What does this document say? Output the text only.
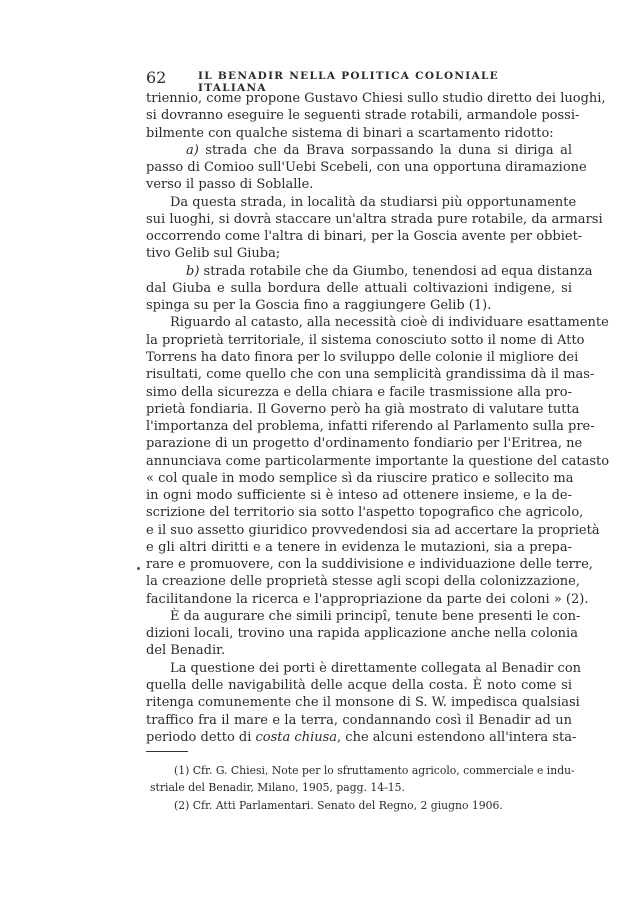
62	IL BENADIR NELLA POLITICA COLONIALE ITALIANA
triennio, come propone Gustavo Chiesi sullo studio diretto dei luoghi,
si dovranno eseguire le seguenti strade rotabili, armandole possi-
bilmente con qualche sistema di binari a scartamento ridotto:
a) strada che da Brava sorpassando la duna si diriga al
passo di Comioo sull'Uebi Scebeli, con una opportuna diramazione
verso il passo di Soblalle.
Da questa strada, in località da studiarsi più opportunamente
sui luoghi, si dovrà staccare un'altra strada pure rotabile, da armarsi
occorrendo come l'altra di binari, per la Goscia avente per obbiet-
tivo Gelib sul Giuba;
b) strada rotabile che da Giumbo, tenendosi ad equa distanza
dal Giuba e sulla bordura delle attuali coltivazioni indigene, si
spinga su per la Goscia fino a raggiungere Gelib (1).
Riguardo al catasto, alla necessità cioè di individuare esattamente
la proprietà territoriale, il sistema conosciuto sotto il nome di Atto
Torrens ha dato finora per lo sviluppo delle colonie il migliore dei
risultati, come quello che con una semplicità grandissima dà il mas-
simo della sicurezza e della chiara e facile trasmissione alla pro-
prietà fondiaria. Il Governo però ha già mostrato di valutare tutta
l'importanza del problema, infatti riferendo al Parlamento sulla pre-
parazione di un progetto d'ordinamento fondiario per l'Eritrea, ne
annunciava come particolarmente importante la questione del catasto
« col quale in modo semplice sì da riuscire pratico e sollecito ma
in ogni modo sufficiente si è inteso ad ottenere insieme, e la de-
scrizione del territorio sia sotto l'aspetto topografico che agricolo,
e il suo assetto giuridico provvedendosi sia ad accertare la proprietà
e gli altri diritti e a tenere in evidenza le mutazioni, sia a prepa-
rare e promuovere, con la suddivisione e individuazione delle terre,
la creazione delle proprietà stesse agli scopi della colonizzazione,
facilitandone la ricerca e l'appropriazione da parte dei coloni » (2).
È da augurare che simili principî, tenute bene presenti le con-
dizioni locali, trovino una rapida applicazione anche nella colonia
del Benadir.
La questione dei porti è direttamente collegata al Benadir con
quella delle navigabilità delle acque della costa. È noto come si
ritenga comunemente che il monsone di S. W. impedisca qualsiasi
traffico fra il mare e la terra, condannando così il Benadir ad un
periodo detto di costa chiusa, che alcuni estendono all'intera sta-
(1) Cfr. G. Chiesi, Note per lo sfruttamento agricolo, commerciale e indu-
striale del Benadir, Milano, 1905, pagg. 14-15.
(2) Cfr. Atti Parlamentari. Senato del Regno, 2 giugno 1906.
